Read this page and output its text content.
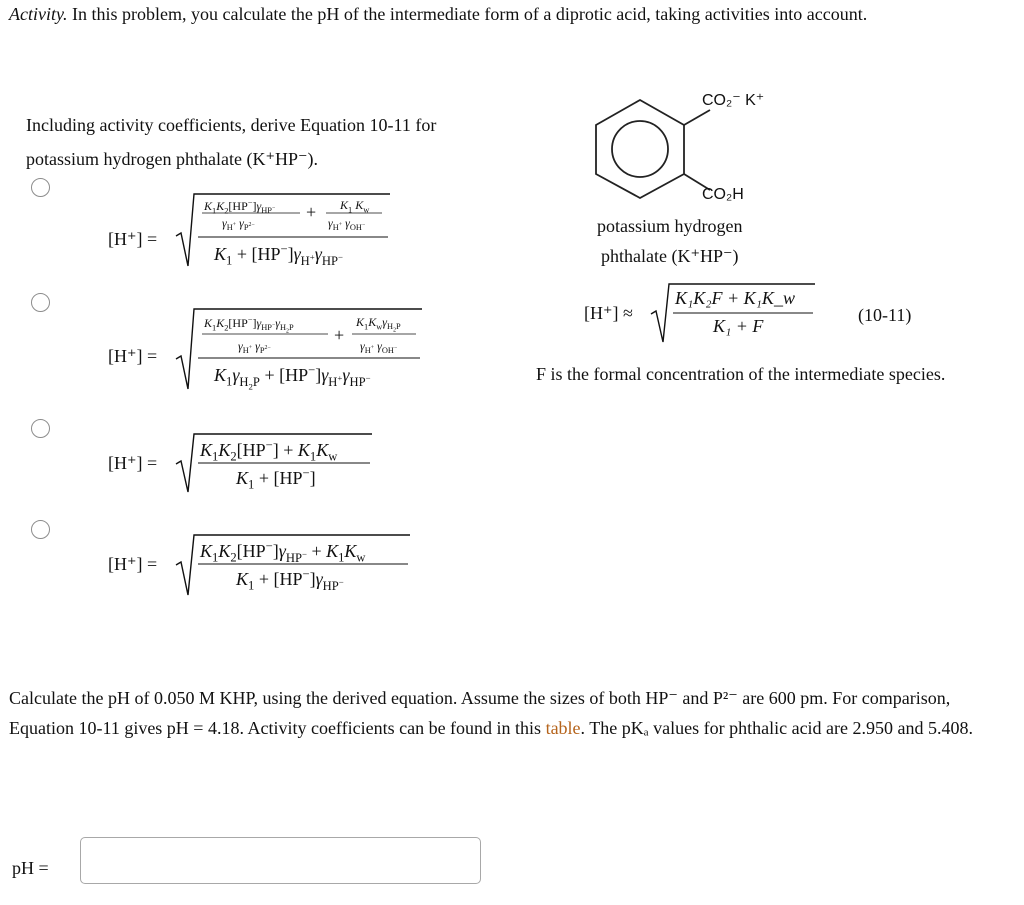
Activity. In this problem, you calculate the pH of the intermediate form of a diprotic acid, taking activities into account.
Including activity coefficients, derive Equation 10-11 for
potassium hydrogen phthalate (K⁺HP⁻).
[H⁺] =
$K_1K_2[HP^-]\gamma_{HP^-}$
$\gamma_{H^+}$ $\gamma_{P^{2-}}$
+ $K_1$ $K_w$
$\gamma_{H^+}$ $\gamma_{OH^-}$
$K_1 + [HP^-]\gamma_{H^+}\gamma_{HP^-}$
[H⁺] =
$K_1K_2[HP^-]\gamma_{HP^-}\gamma_{H_2P}$
$\gamma_{H^+}$ $\gamma_{P^{2-}}$
+
$K_1K_w\gamma_{H_2P}$
$\gamma_{H^+}$ $\gamma_{OH^-}$
$K_1\gamma_{H_2P} + [HP^-]\gamma_{H^+}\gamma_{HP^-}$
[H⁺] =
$K_1K_2[HP^-] + K_1K_w$
$K_1 + [HP^-]$
[H⁺] =
$K_1K_2[HP^-]\gamma_{HP^-} + K_1K_w$
$K_1 + [HP^-]\gamma_{HP^-}$
CO₂⁻ K⁺
CO₂H
potassium hydrogen
phthalate (K⁺HP⁻)
[H⁺] ≈
K₁K₂F + K₁K_w
K₁ + F
(10-11)
F is the formal concentration of the intermediate species.
Calculate the pH of 0.050 M KHP, using the derived equation. Assume the sizes of both HP⁻ and P²⁻ are 600 pm. For comparison, Equation 10-11 gives pH = 4.18. Activity coefficients can be found in this table. The pKₐ values for phthalic acid are 2.950 and 5.408.
pH =
